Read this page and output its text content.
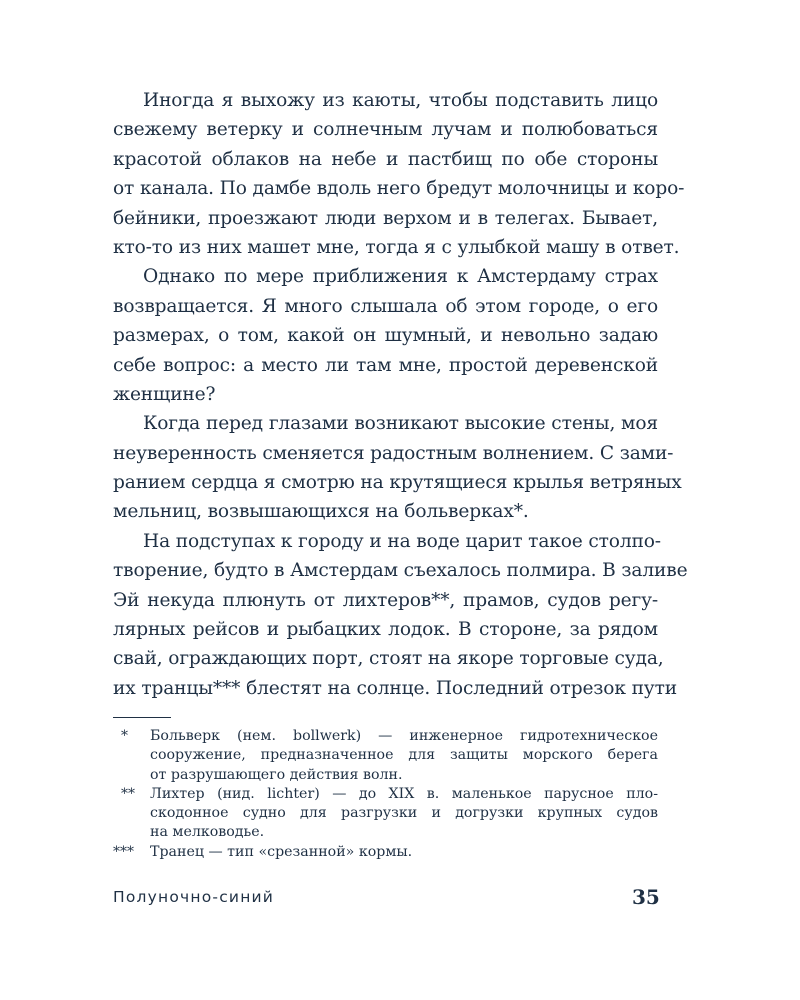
Иногда я выхожу из каюты, чтобы подставить лицо
свежему ветерку и солнечным лучам и полюбоваться
красотой облаков на небе и пастбищ по обе стороны
от канала. По дамбе вдоль него бредут молочницы и коро-
бейники, проезжают люди верхом и в телегах. Бывает,
кто-то из них машет мне, тогда я с улыбкой машу в ответ.
Однако по мере приближения к Амстердаму страх
возвращается. Я много слышала об этом городе, о его
размерах, о том, какой он шумный, и невольно задаю
себе вопрос: а место ли там мне, простой деревенской
женщине?
Когда перед глазами возникают высокие стены, моя
неуверенность сменяется радостным волнением. С зами-
ранием сердца я смотрю на крутящиеся крылья ветряных
мельниц, возвышающихся на больверках*.
На подступах к городу и на воде царит такое столпо-
творение, будто в Амстердам съехалось полмира. В заливе
Эй некуда плюнуть от лихтеров**, прамов, судов регу-
лярных рейсов и рыбацких лодок. В стороне, за рядом
свай, ограждающих порт, стоят на якоре торговые суда,
их транцы*** блестят на солнце. Последний отрезок пути
* Больверк (нем. bollwerk) — инженерное гидротехническое
сооружение, предназначенное для защиты морского берега
от разрушающего действия волн.
** Лихтер (нид. lichter) — до XIX в. маленькое парусное пло-
скодонное судно для разгрузки и догрузки крупных судов
на мелководье.
*** Транец — тип «срезанной» кормы.
Полуночно-синий	35
